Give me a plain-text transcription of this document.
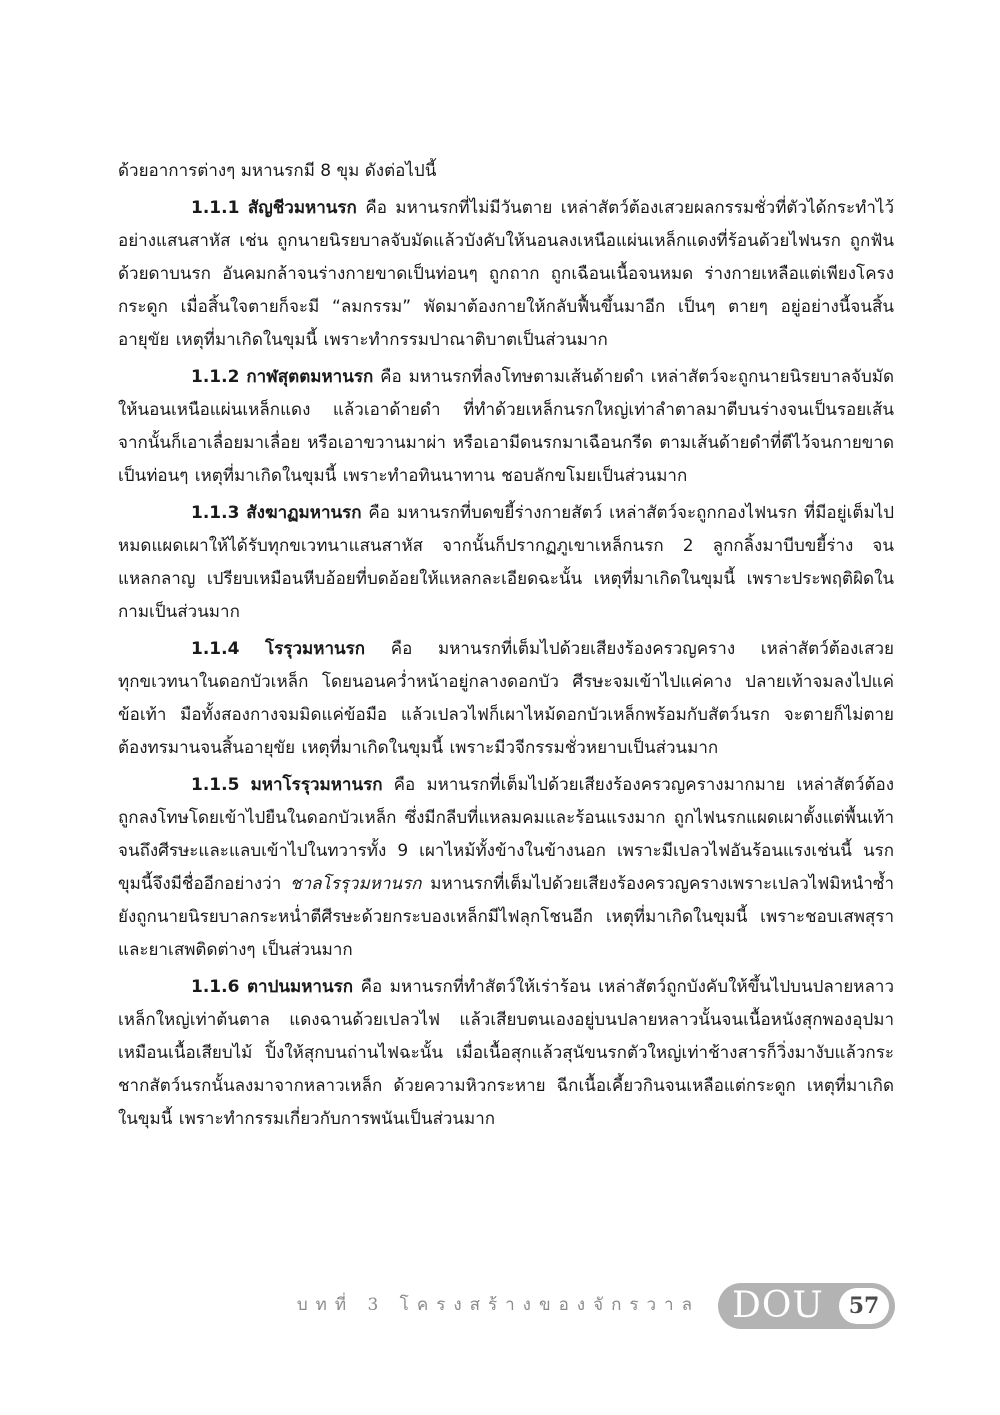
ด้วยอาการต่างๆ มหานรกมี 8 ขุม ดังต่อไปนี้

1.1.1 สัญชีวมหานรก คือ มหานรกที่ไม่มีวันตาย เหล่าสัตว์ต้องเสวยผลกรรมชั่วที่ตัวได้กระทำไว้อย่างแสนสาหัส เช่น ถูกนายนิรยบาลจับมัดแล้วบังคับให้นอนลงเหนือแผ่นเหล็กแดงที่ร้อนด้วยไฟนรก ถูกฟันด้วยดาบนรก อันคมกล้าจนร่างกายขาดเป็นท่อนๆ ถูกถาก ถูกเฉือนเนื้อจนหมด ร่างกายเหลือแต่เพียงโครงกระดูก เมื่อสิ้นใจตายก็จะมี “ลมกรรม” พัดมาต้องกายให้กลับฟื้นขึ้นมาอีก เป็นๆ ตายๆ อยู่อย่างนี้จนสิ้นอายุขัย เหตุที่มาเกิดในขุมนี้ เพราะทำกรรมปาณาติบาตเป็นส่วนมาก

1.1.2 กาฬสุตตมหานรก คือ มหานรกที่ลงโทษตามเส้นด้ายดำ เหล่าสัตว์จะถูกนายนิรยบาลจับมัดให้นอนเหนือแผ่นเหล็กแดง แล้วเอาด้ายดำ ที่ทำด้วยเหล็กนรกใหญ่เท่าลำตาลมาตีบนร่างจนเป็นรอยเส้น จากนั้นก็เอาเลื่อยมาเลื่อย หรือเอาขวานมาผ่า หรือเอามีดนรกมาเฉือนกรีด ตามเส้นด้ายดำที่ตีไว้จนกายขาดเป็นท่อนๆ เหตุที่มาเกิดในขุมนี้ เพราะทำอทินนาทาน ชอบลักขโมยเป็นส่วนมาก

1.1.3 สังฆาฏมหานรก คือ มหานรกที่บดขยี้ร่างกายสัตว์ เหล่าสัตว์จะถูกกองไฟนรก ที่มีอยู่เต็มไปหมดแผดเผาให้ได้รับทุกขเวทนาแสนสาหัส จากนั้นก็ปรากฏภูเขาเหล็กนรก 2 ลูกกลิ้งมาบีบขยี้ร่าง จนแหลกลาญ เปรียบเหมือนหีบอ้อยที่บดอ้อยให้แหลกละเอียดฉะนั้น เหตุที่มาเกิดในขุมนี้ เพราะประพฤติผิดในกามเป็นส่วนมาก

1.1.4 โรรุวมหานรก คือ มหานรกที่เต็มไปด้วยเสียงร้องครวญคราง เหล่าสัตว์ต้องเสวยทุกขเวทนาในดอกบัวเหล็ก โดยนอนคว่ำหน้าอยู่กลางดอกบัว ศีรษะจมเข้าไปแค่คาง ปลายเท้าจมลงไปแค่ข้อเท้า มือทั้งสองกางจมมิดแค่ข้อมือ แล้วเปลวไฟก็เผาไหม้ดอกบัวเหล็กพร้อมกับสัตว์นรก จะตายก็ไม่ตาย ต้องทรมานจนสิ้นอายุขัย เหตุที่มาเกิดในขุมนี้ เพราะมีวจีกรรมชั่วหยาบเป็นส่วนมาก

1.1.5 มหาโรรุวมหานรก คือ มหานรกที่เต็มไปด้วยเสียงร้องครวญครางมากมาย เหล่าสัตว์ต้องถูกลงโทษโดยเข้าไปยืนในดอกบัวเหล็ก ซึ่งมีกลีบที่แหลมคมและร้อนแรงมาก ถูกไฟนรกแผดเผาตั้งแต่พื้นเท้าจนถึงศีรษะและแลบเข้าไปในทวารทั้ง 9 เผาไหม้ทั้งข้างในข้างนอก เพราะมีเปลวไฟอันร้อนแรงเช่นนี้ นรกขุมนี้จึงมีชื่ออีกอย่างว่า ชาลโรรุวมหานรก มหานรกที่เต็มไปด้วยเสียงร้องครวญครางเพราะเปลวไฟมิหนำซ้ำยังถูกนายนิรยบาลกระหน่ำตีศีรษะด้วยกระบองเหล็กมีไฟลุกโชนอีก เหตุที่มาเกิดในขุมนี้ เพราะชอบเสพสุราและยาเสพติดต่างๆ เป็นส่วนมาก

1.1.6 ตาปนมหานรก คือ มหานรกที่ทำสัตว์ให้เร่าร้อน เหล่าสัตว์ถูกบังคับให้ขึ้นไปบนปลายหลาวเหล็กใหญ่เท่าต้นตาล แดงฉานด้วยเปลวไฟ แล้วเสียบตนเองอยู่บนปลายหลาวนั้นจนเนื้อหนังสุกพองอุปมาเหมือนเนื้อเสียบไม้ ปิ้งให้สุกบนถ่านไฟฉะนั้น เมื่อเนื้อสุกแล้วสุนัขนรกตัวใหญ่เท่าช้างสารก็วิ่งมางับแล้วกระชากสัตว์นรกนั้นลงมาจากหลาวเหล็ก ด้วยความหิวกระหาย ฉีกเนื้อเคี้ยวกินจนเหลือแต่กระดูก เหตุที่มาเกิดในขุมนี้ เพราะทำกรรมเกี่ยวกับการพนันเป็นส่วนมาก

บทที่ 3 โครงสร้างของจักรวาล DOU	57
